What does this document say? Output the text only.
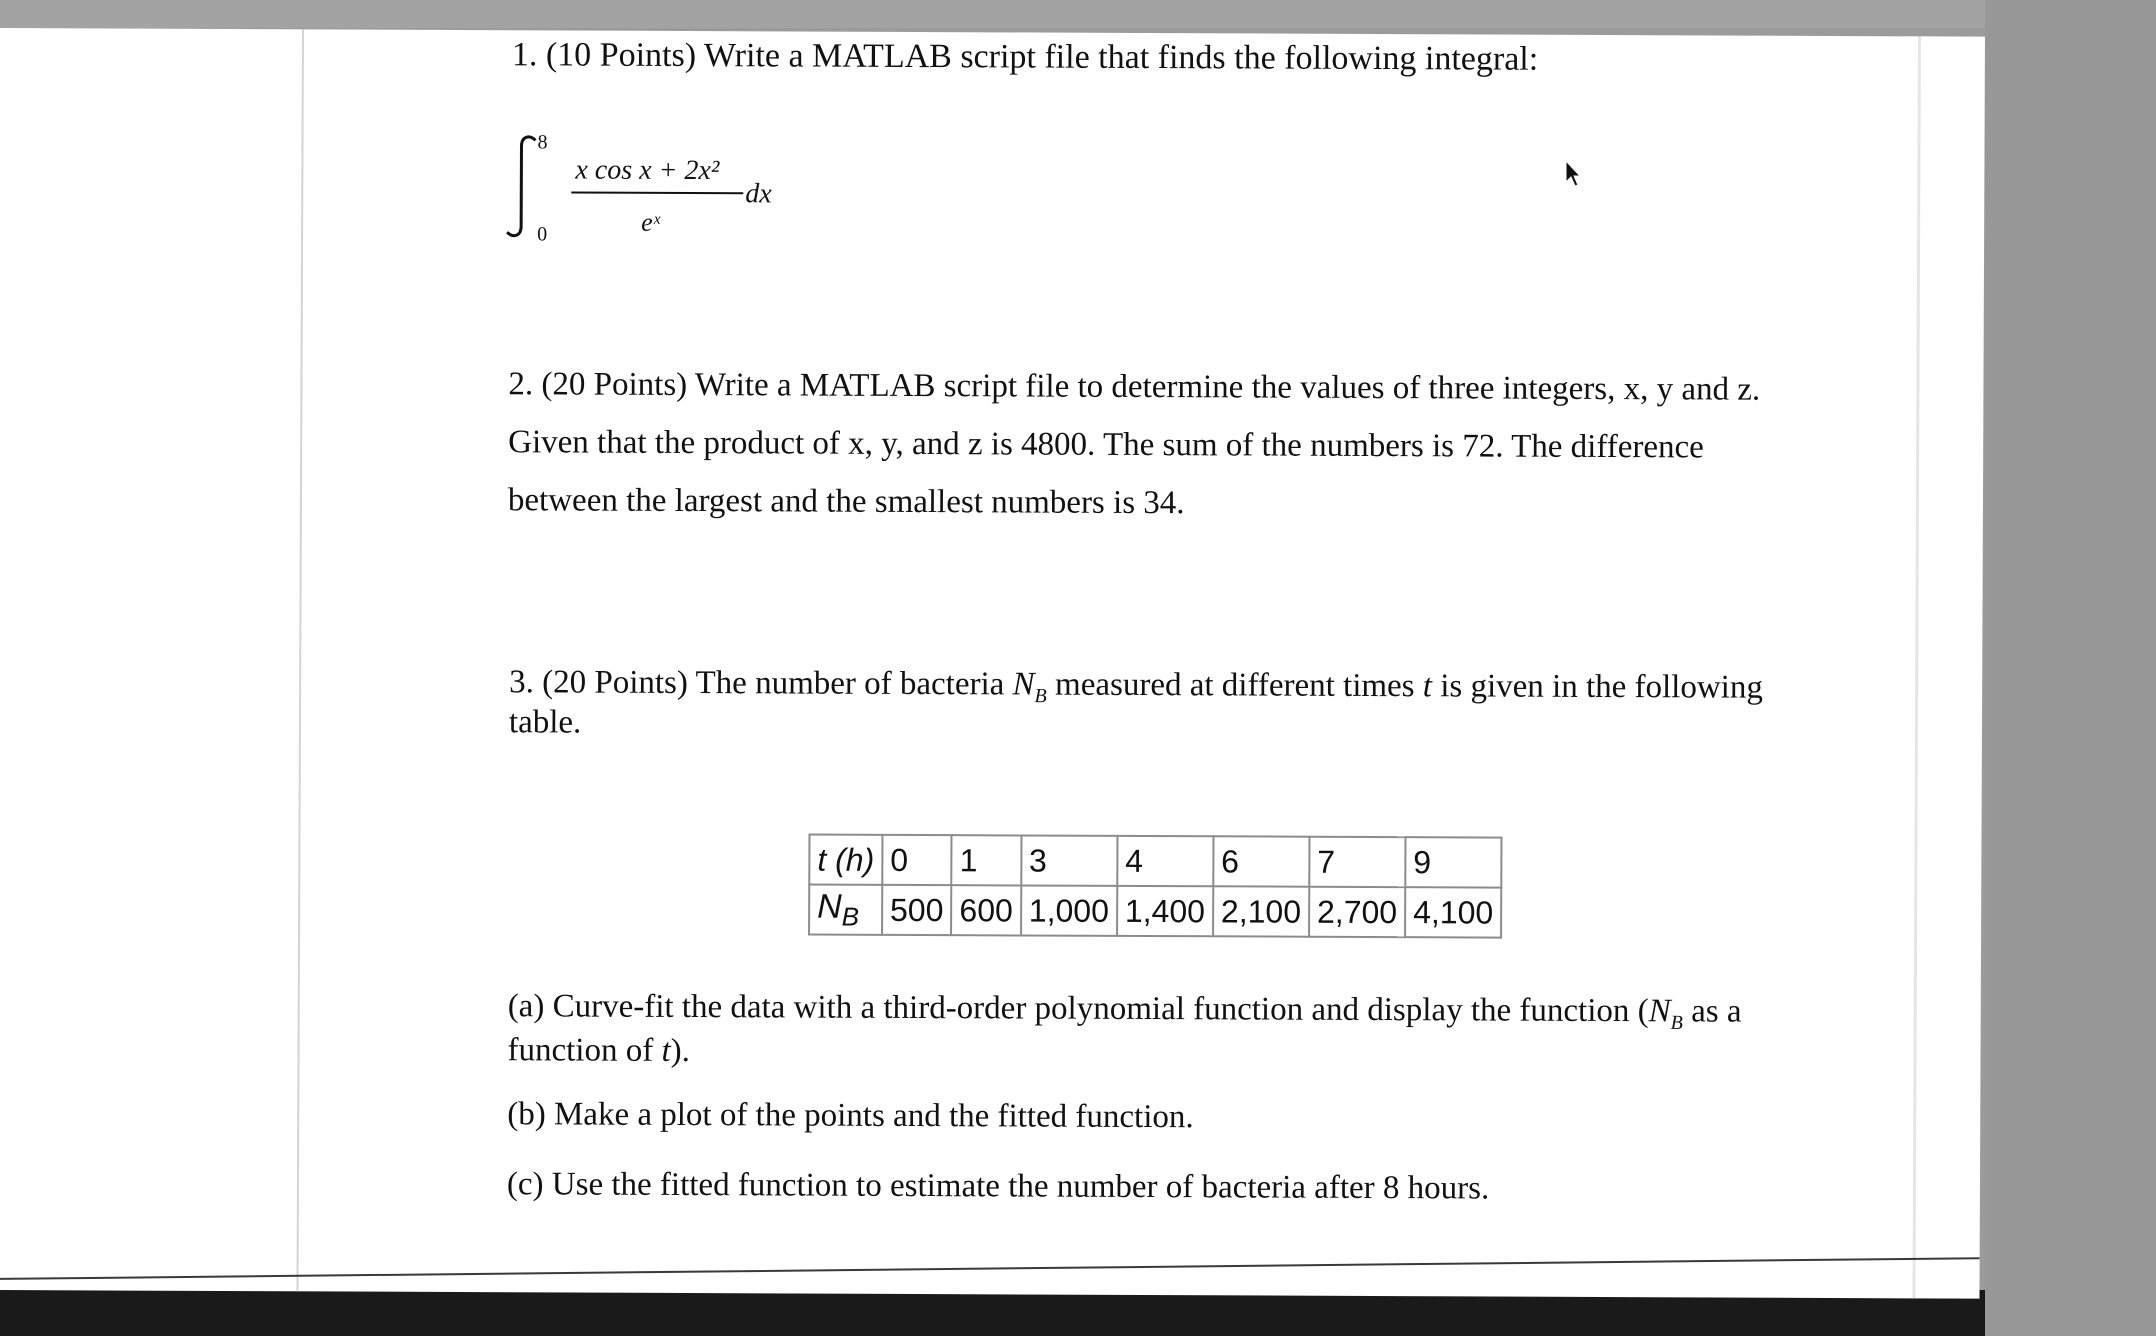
1. (10 Points) Write a MATLAB script file that finds the following integral:
8
0
x cos x + 2x²
eˣ
dx
2. (20 Points) Write a MATLAB script file to determine the values of three integers, x, y and z.
Given that the product of x, y, and z is 4800. The sum of the numbers is 72. The difference
between the largest and the smallest numbers is 34.
3. (20 Points) The number of bacteria $N_B$ measured at different times t is given in the following
table.
t (h)	0	1	3	4	6	7	9
$N_B$	500	600	1,000	1,400	2,100	2,700	4,100
(a) Curve-fit the data with a third-order polynomial function and display the function ($N_B$ as a
function of t).
(b) Make a plot of the points and the fitted function.
(c) Use the fitted function to estimate the number of bacteria after 8 hours.
